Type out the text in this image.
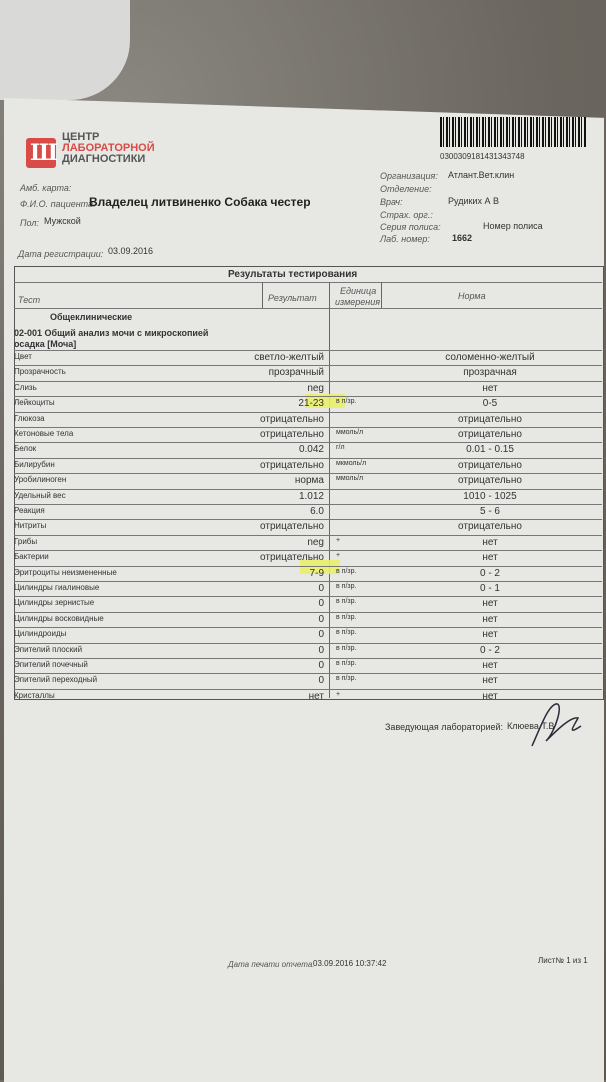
Ш
ЦЕНТР
ЛАБОРАТОРНОЙ
ДИАГНОСТИКИ	0300309181431343748
Организация: Атлант.Вет.клин
Отделение:
Врач:	Рудиких А В
Страх. орг.:
Серия полиса:	Номер полиса
Лаб. номер: 1662
Амб. карта:
Ф.И.О. пациента:
Владелец литвиненко Собака честер
Пол: Мужской
Дата регистрации: 03.09.2016
Результаты тестирования
Тест	Результат
Единица
измерения
Норма
Общеклинические
02-001 Общий анализ мочи с микроскопией
осадка [Моча]
Цвет	светло-желтый	соломенно-желтый
Прозрачность	прозрачный	прозрачная
Слизь	neg	нет
Лейкоциты	21-23 в п/зр.	0-5
Глюкоза	отрицательно	отрицательно
Кетоновые тела	отрицательно ммоль/л	отрицательно
Белок	0.042 г/л	0.01 - 0.15
Билирубин	отрицательно мкмоль/л	отрицательно
Уробилиноген	норма ммоль/л	отрицательно
Удельный вес	1.012	1010 - 1025
Реакция	6.0	5 - 6
Нитриты	отрицательно	отрицательно
Грибы	neg +	нет
Бактерии	отрицательно +	нет
Эритроциты неизмененные	7-9 в п/зр.	0 - 2
Цилиндры гиалиновые	0 в п/зр.	0 - 1
Цилиндры зернистые	0 в п/зр.	нет
Цилиндры восковидные	0 в п/зр.	нет
Цилиндроиды	0 в п/зр.	нет
Эпителий плоский	0 в п/зр.	0 - 2
Эпителий почечный	0 в п/зр.	нет
Эпителий переходный	0 в п/зр.	нет
Кристаллы	нет +	нет
Заведующая лабораторией: Клюева Т.В
Дата печати отчета:
03.09.2016 10:37:42	Лист№ 1 из 1
